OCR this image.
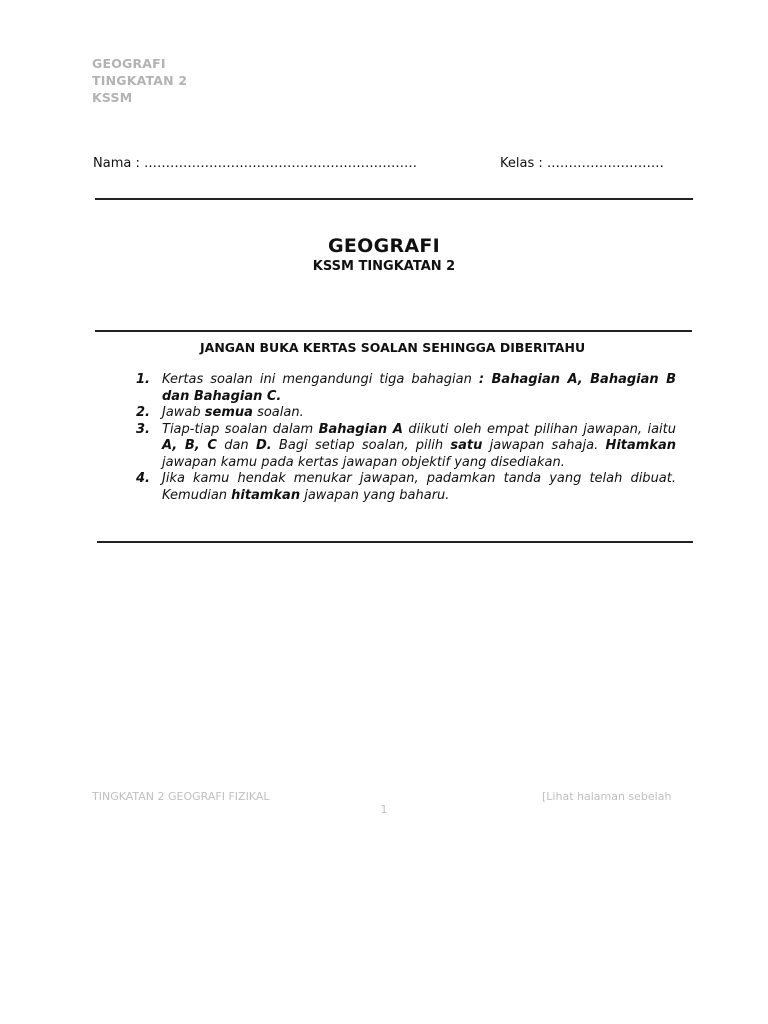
GEOGRAFI
TINGKATAN 2
KSSM
Nama : ………………………………………………………	Kelas : ………………………
GEOGRAFI
KSSM TINGKATAN 2
JANGAN BUKA KERTAS SOALAN SEHINGGA DIBERITAHU
1. Kertas soalan ini mengandungi tiga bahagian : Bahagian A, Bahagian B dan Bahagian C.
2. Jawab semua soalan.
3. Tiap-tiap soalan dalam Bahagian A diikuti oleh empat pilihan jawapan, iaitu A, B, C dan D. Bagi setiap soalan, pilih satu jawapan sahaja. Hitamkan jawapan kamu pada kertas jawapan objektif yang disediakan.
4. Jika kamu hendak menukar jawapan, padamkan tanda yang telah dibuat. Kemudian hitamkan jawapan yang baharu.
TINGKATAN 2 GEOGRAFI FIZIKAL	[Lihat halaman sebelah
1
